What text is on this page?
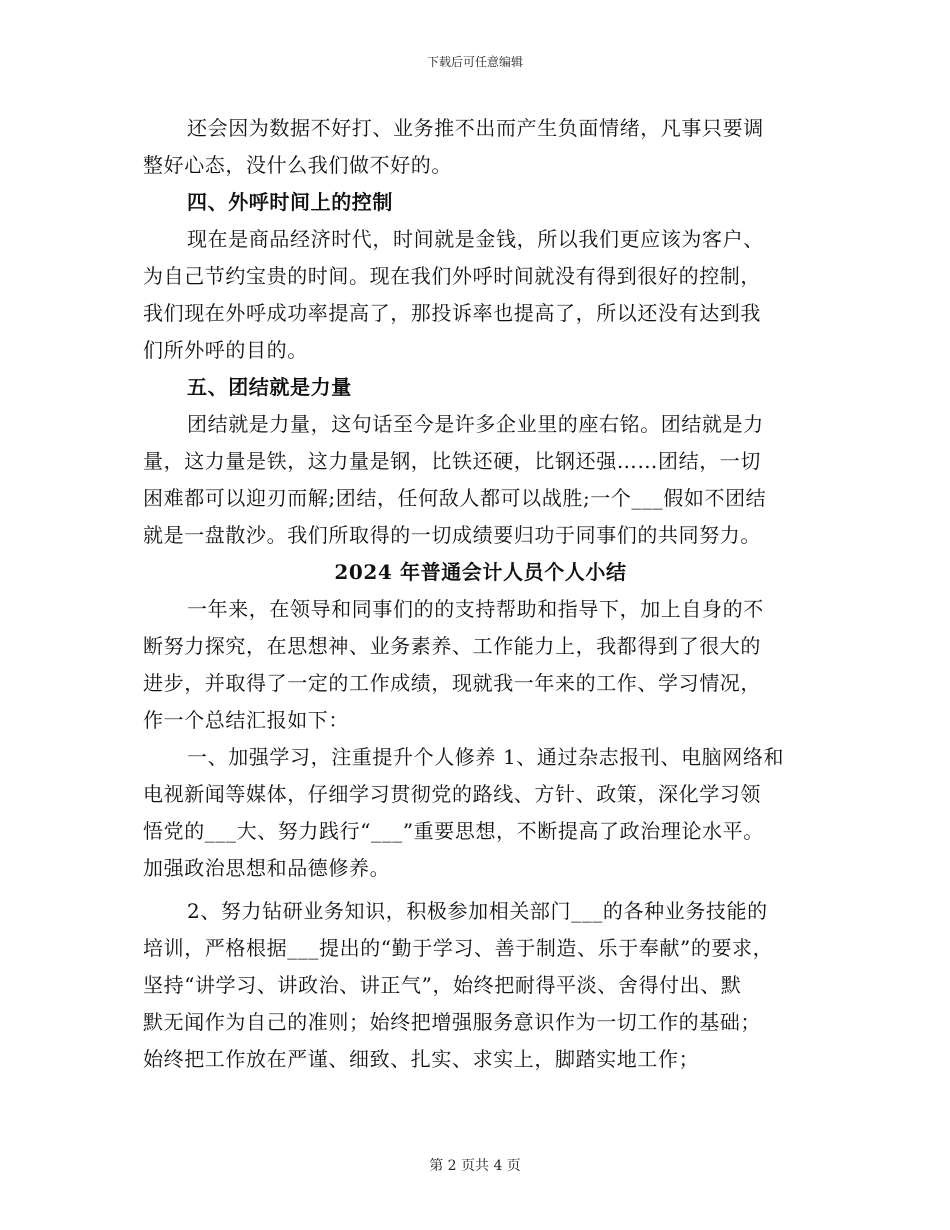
下载后可任意编辑
还会因为数据不好打、业务推不出而产生负面情绪，凡事只要调
整好心态，没什么我们做不好的。
四、外呼时间上的控制
现在是商品经济时代，时间就是金钱，所以我们更应该为客户、
为自己节约宝贵的时间。现在我们外呼时间就没有得到很好的控制，
我们现在外呼成功率提高了，那投诉率也提高了，所以还没有达到我
们所外呼的目的。
五、团结就是力量
团结就是力量，这句话至今是许多企业里的座右铭。团结就是力
量，这力量是铁，这力量是钢，比铁还硬，比钢还强……团结，一切
困难都可以迎刃而解;团结，任何敌人都可以战胜;一个___假如不团结
就是一盘散沙。我们所取得的一切成绩要归功于同事们的共同努力。
2024 年普通会计人员个人小结
一年来，在领导和同事们的的支持帮助和指导下，加上自身的不
断努力探究，在思想神、业务素养、工作能力上，我都得到了很大的
进步，并取得了一定的工作成绩，现就我一年来的工作、学习情况，
作一个总结汇报如下：
一、加强学习，注重提升个人修养 1、通过杂志报刊、电脑网络和
电视新闻等媒体，仔细学习贯彻党的路线、方针、政策，深化学习领
悟党的___大、努力践行“___”重要思想，不断提高了政治理论水平。
加强政治思想和品德修养。
2、努力钻研业务知识，积极参加相关部门___的各种业务技能的
培训，严格根据___提出的“勤于学习、善于制造、乐于奉献”的要求，
坚持“讲学习、讲政治、讲正气”，始终把耐得平淡、舍得付出、默
默无闻作为自己的准则；始终把增强服务意识作为一切工作的基础；
始终把工作放在严谨、细致、扎实、求实上，脚踏实地工作；
第 2 页共 4 页
